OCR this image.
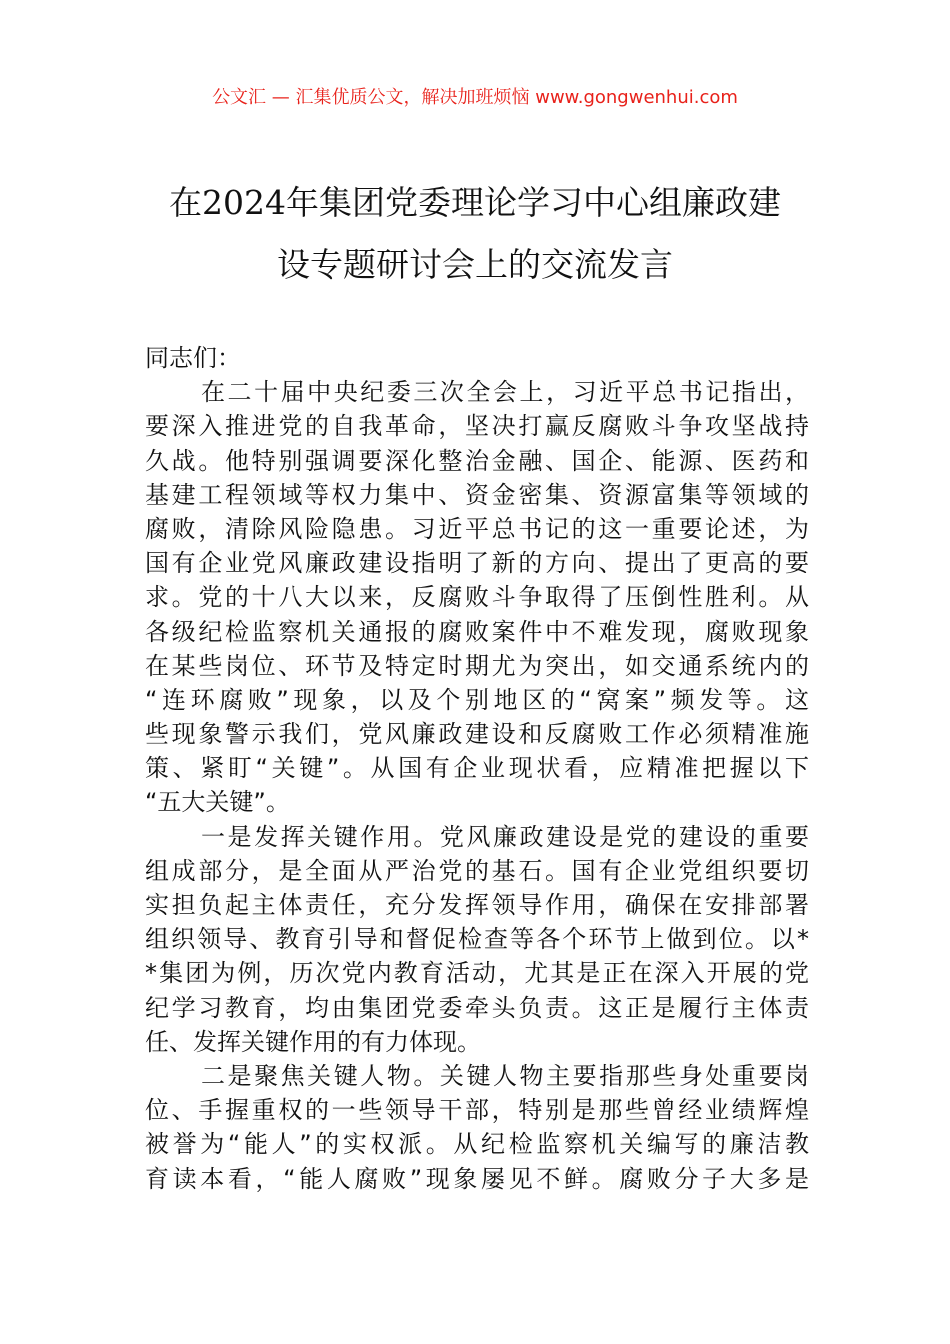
公文汇 — 汇集优质公文，解决加班烦恼 www.gongwenhui.com
在2024年集团党委理论学习中心组廉政建
设专题研讨会上的交流发言
同志们：
在二十届中央纪委三次全会上，习近平总书记指出，
要深入推进党的自我革命，坚决打赢反腐败斗争攻坚战持
久战。他特别强调要深化整治金融、国企、能源、医药和
基建工程领域等权力集中、资金密集、资源富集等领域的
腐败，清除风险隐患。习近平总书记的这一重要论述，为
国有企业党风廉政建设指明了新的方向、提出了更高的要
求。党的十八大以来，反腐败斗争取得了压倒性胜利。从
各级纪检监察机关通报的腐败案件中不难发现，腐败现象
在某些岗位、环节及特定时期尤为突出，如交通系统内的
“连环腐败”现象，以及个别地区的“窝案”频发等。这
些现象警示我们，党风廉政建设和反腐败工作必须精准施
策、紧盯“关键”。从国有企业现状看，应精准把握以下
“五大关键”。
一是发挥关键作用。党风廉政建设是党的建设的重要
组成部分，是全面从严治党的基石。国有企业党组织要切
实担负起主体责任，充分发挥领导作用，确保在安排部署
组织领导、教育引导和督促检查等各个环节上做到位。以*
*集团为例，历次党内教育活动，尤其是正在深入开展的党
纪学习教育，均由集团党委牵头负责。这正是履行主体责
任、发挥关键作用的有力体现。
二是聚焦关键人物。关键人物主要指那些身处重要岗
位、手握重权的一些领导干部，特别是那些曾经业绩辉煌
被誉为“能人”的实权派。从纪检监察机关编写的廉洁教
育读本看，“能人腐败”现象屡见不鲜。腐败分子大多是
